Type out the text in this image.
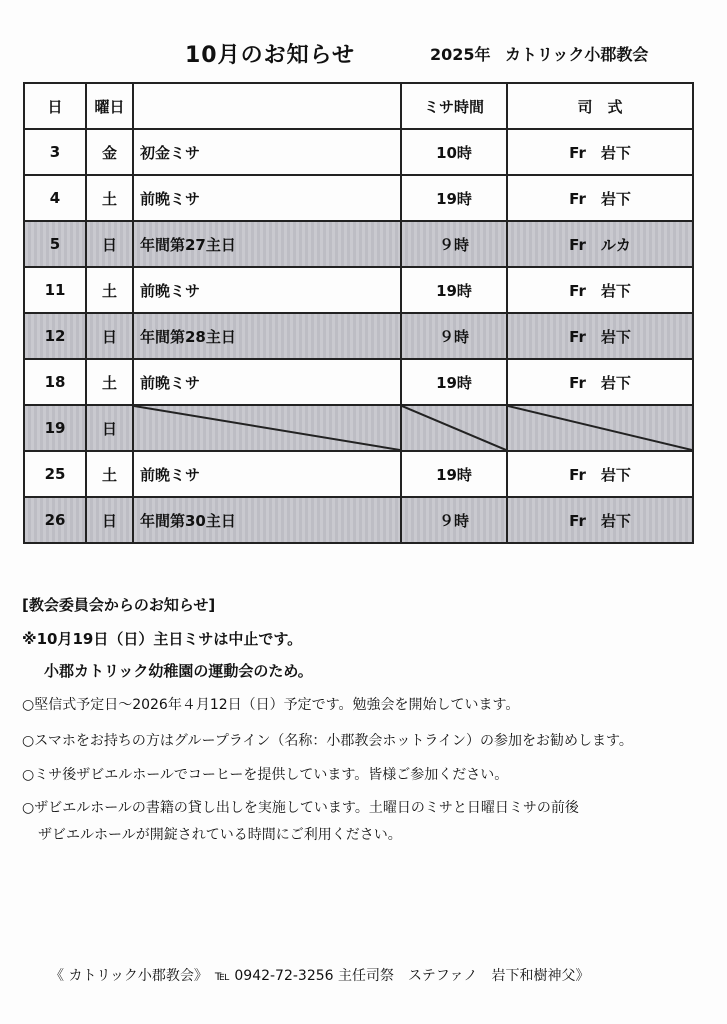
10月のお知らせ	2025年 カトリック小郡教会
日	曜日		ミサ時間	司　式
3	金	初金ミサ	10時	Fr　岩下
4	土	前晩ミサ	19時	Fr　岩下
5	日	年間第27主日	９時	Fr　ルカ
11	土	前晩ミサ	19時	Fr　岩下
12	日	年間第28主日	９時	Fr　岩下
18	土	前晩ミサ	19時	Fr　岩下
19	日	

25	土	前晩ミサ	19時	Fr　岩下
26	日	年間第30主日	９時	Fr　岩下
[教会委員会からのお知らせ]
※10月19日（日）主日ミサは中止です。
小郡カトリック幼稚園の運動会のため。
○堅信式予定日～2026年４月12日（日）予定です。勉強会を開始しています。
○スマホをお持ちの方はグループライン（名称：小郡教会ホットライン）の参加をお勧めします。
○ミサ後ザビエルホールでコーヒーを提供しています。皆様ご参加ください。
○ザビエルホールの書籍の貸し出しを実施しています。土曜日のミサと日曜日ミサの前後
ザビエルホールが開錠されている時間にご利用ください。
《 カトリック小郡教会》　℡ 0942-72-3256 主任司祭　ステファノ　岩下和樹神父》
